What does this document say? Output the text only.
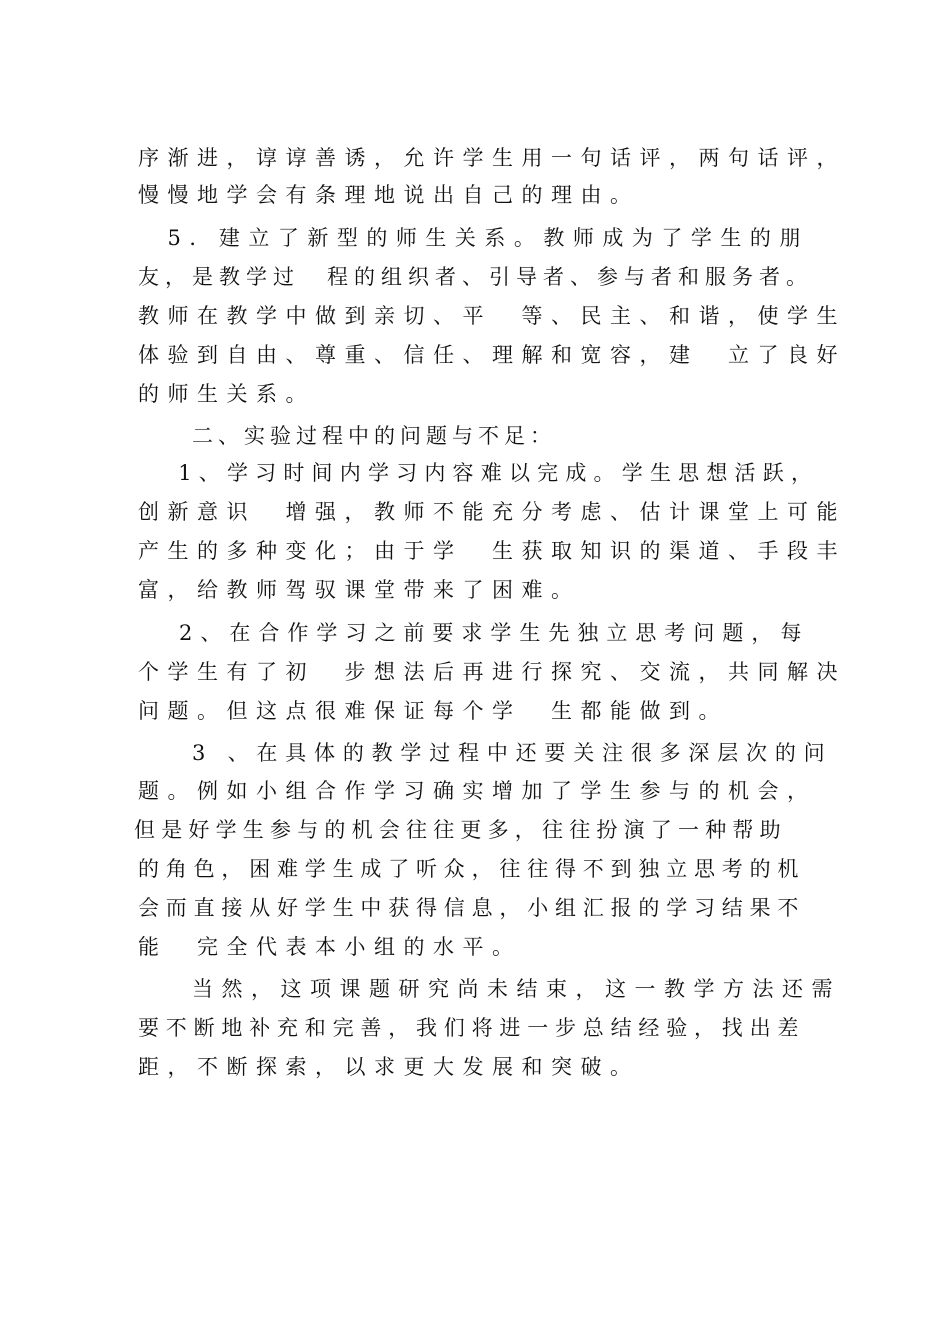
序渐进，谆谆善诱，允许学生用一句话评，两句话评，
慢慢地学会有条理地说出自己的理由。
　5．建立了新型的师生关系。教师成为了学生的朋
友，是教学过　程的组织者、引导者、参与者和服务者。
教师在教学中做到亲切、平　等、民主、和谐，使学生
体验到自由、尊重、信任、理解和宽容，建　立了良好
的师生关系。
二、实验过程中的问题与不足：
　1、学习时间内学习内容难以完成。学生思想活跃，
创新意识　增强，教师不能充分考虑、估计课堂上可能
产生的多种变化；由于学　生获取知识的渠道、手段丰
富，给教师驾驭课堂带来了困难。
　2、在合作学习之前要求学生先独立思考问题，每
个学生有了初　步想法后再进行探究、交流，共同解决
问题。但这点很难保证每个学　生都能做到。
3 、在具体的教学过程中还要关注很多深层次的问
题。例如小组合作学习确实增加了学生参与的机会，
但是好学生参与的机会往往更多，往往扮演了一种帮助
的角色，困难学生成了听众，往往得不到独立思考的机
会而直接从好学生中获得信息，小组汇报的学习结果不
能　完全代表本小组的水平。
当然，这项课题研究尚未结束，这一教学方法还需
要不断地补充和完善，我们将进一步总结经验，找出差
距，不断探索，以求更大发展和突破。
